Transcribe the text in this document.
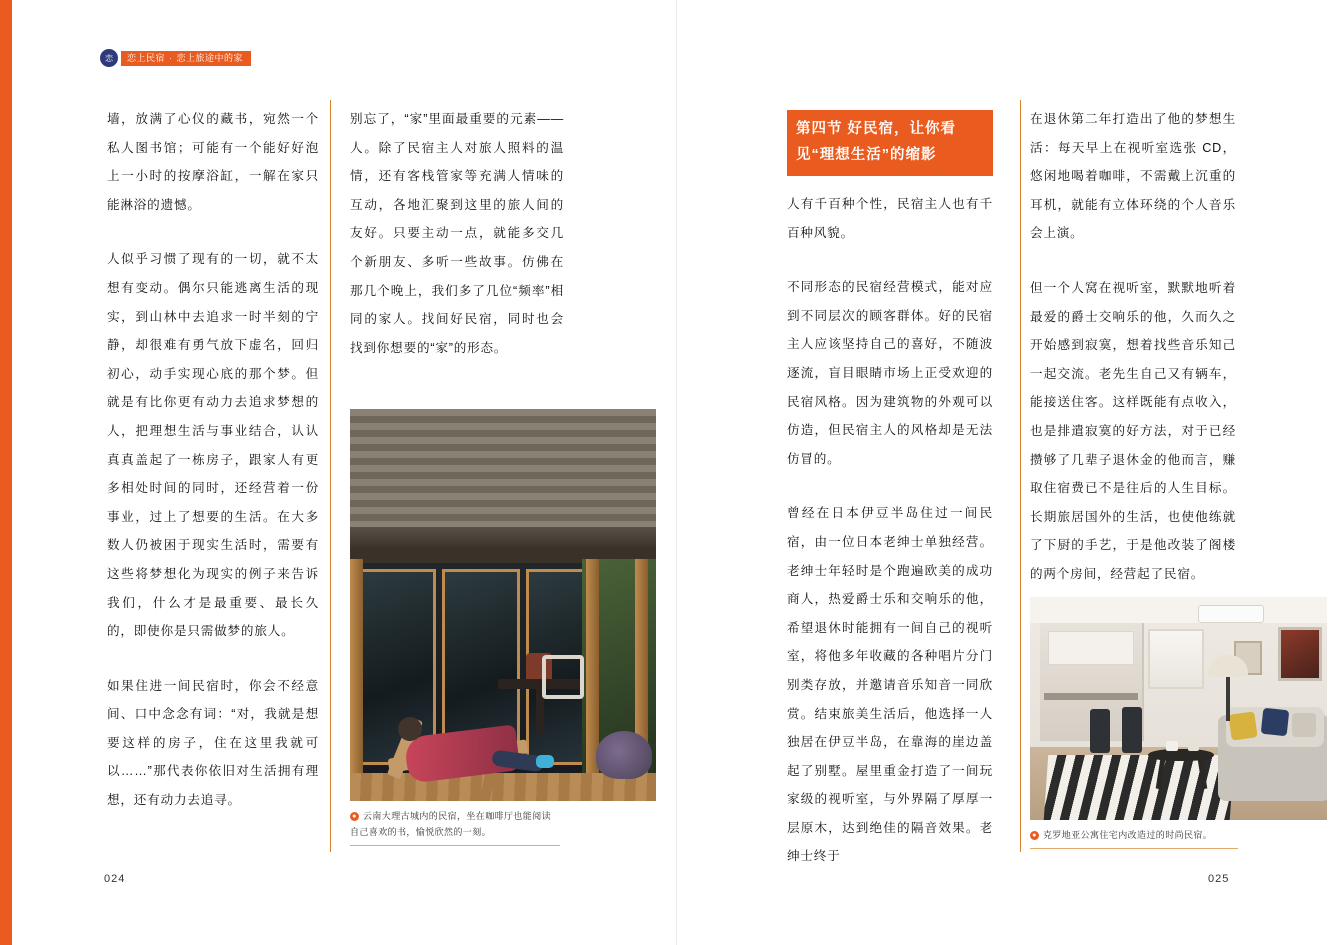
恋	恋上民宿 · 恋上旅途中的家

墙，放满了心仪的藏书，宛然一个私人图书馆；可能有一个能好好泡上一小时的按摩浴缸，一解在家只能淋浴的遗憾。

人似乎习惯了现有的一切，就不太想有变动。偶尔只能逃离生活的现实，到山林中去追求一时半刻的宁静，却很难有勇气放下虚名，回归初心，动手实现心底的那个梦。但就是有比你更有动力去追求梦想的人，把理想生活与事业结合，认认真真盖起了一栋房子，跟家人有更多相处时间的同时，还经营着一份事业，过上了想要的生活。在大多数人仍被困于现实生活时，需要有这些将梦想化为现实的例子来告诉我们，什么才是最重要、最长久的，即使你是只需做梦的旅人。

如果住进一间民宿时，你会不经意间、口中念念有词：“对，我就是想要这样的房子，住在这里我就可以……”那代表你依旧对生活拥有理想，还有动力去追寻。

别忘了，“家”里面最重要的元素——人。除了民宿主人对旅人照料的温情，还有客栈管家等充满人情味的互动，各地汇聚到这里的旅人间的友好。只要主动一点，就能多交几个新朋友、多听一些故事。仿佛在那几个晚上，我们多了几位“频率”相同的家人。找间好民宿，同时也会找到你想要的“家”的形态。

● 云南大理古城内的民宿，坐在咖啡厅也能阅读自己喜欢的书，愉悦欣然的一刻。
024
第四节 好民宿，让你看见“理想生活”的缩影

人有千百种个性，民宿主人也有千百种风貌。

不同形态的民宿经营模式，能对应到不同层次的顾客群体。好的民宿主人应该坚持自己的喜好，不随波逐流，盲目眼睛市场上正受欢迎的民宿风格。因为建筑物的外观可以仿造，但民宿主人的风格却是无法仿冒的。

曾经在日本伊豆半岛住过一间民宿，由一位日本老绅士单独经营。老绅士年轻时是个跑遍欧美的成功商人，热爱爵士乐和交响乐的他，希望退休时能拥有一间自己的视听室，将他多年收藏的各种唱片分门别类存放，并邀请音乐知音一同欣赏。结束旅美生活后，他选择一人独居在伊豆半岛，在靠海的崖边盖起了别墅。屋里重金打造了一间玩家级的视听室，与外界隔了厚厚一层原木，达到绝佳的隔音效果。老绅士终于

在退休第二年打造出了他的梦想生活：每天早上在视听室选张 CD，悠闲地喝着咖啡，不需戴上沉重的耳机，就能有立体环绕的个人音乐会上演。

但一个人窝在视听室，默默地听着最爱的爵士交响乐的他，久而久之开始感到寂寞，想着找些音乐知己一起交流。老先生自己又有辆车，能接送住客。这样既能有点收入，也是排遣寂寞的好方法，对于已经攒够了几辈子退休金的他而言，赚取住宿费已不是往后的人生目标。长期旅居国外的生活，也使他练就了下厨的手艺，于是他改装了阁楼的两个房间，经营起了民宿。

● 克罗地亚公寓住宅内改造过的时尚民宿。
025
